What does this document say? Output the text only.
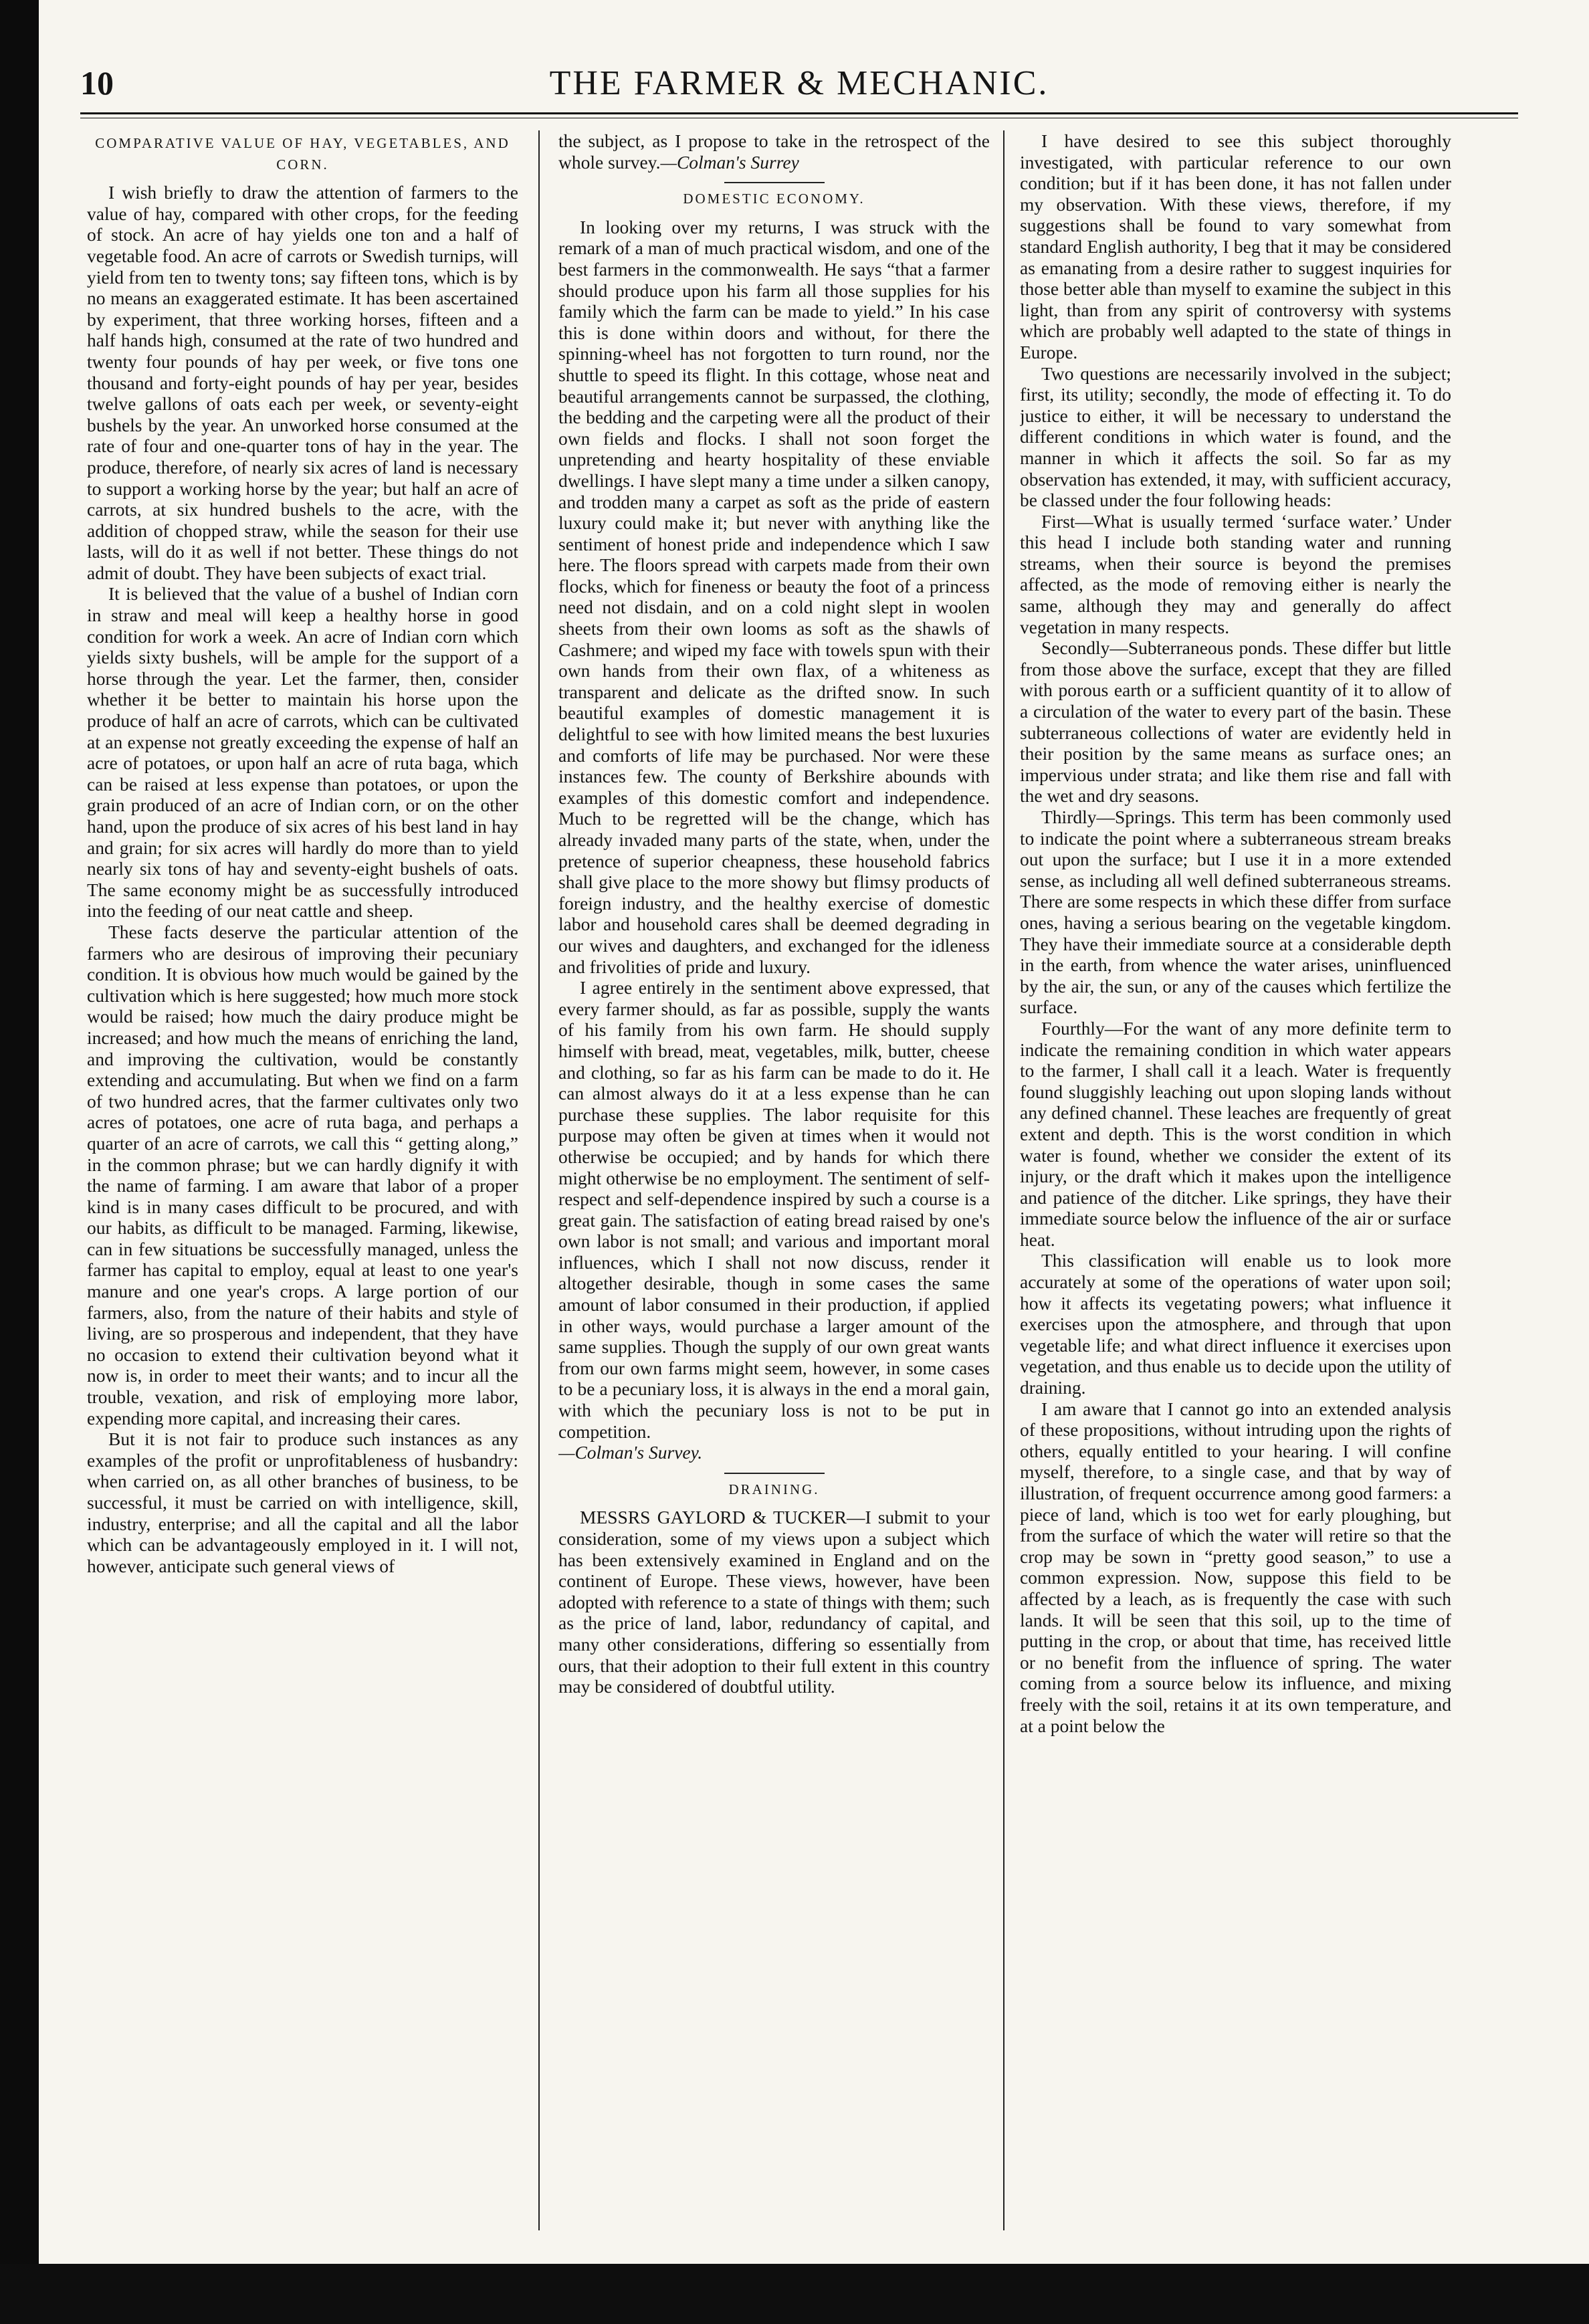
10	THE FARMER & MECHANIC.
COMPARATIVE VALUE OF HAY, VEGETABLES, AND CORN.

I wish briefly to draw the attention of farmers to the value of hay, compared with other crops, for the feeding of stock. An acre of hay yields one ton and a half of vegetable food. An acre of carrots or Swedish turnips, will yield from ten to twenty tons; say fifteen tons, which is by no means an exaggerated estimate. It has been ascertained by experiment, that three working horses, fifteen and a half hands high, consumed at the rate of two hundred and twenty four pounds of hay per week, or five tons one thousand and forty-eight pounds of hay per year, besides twelve gallons of oats each per week, or seventy-eight bushels by the year. An unworked horse consumed at the rate of four and one-quarter tons of hay in the year. The produce, therefore, of nearly six acres of land is necessary to support a working horse by the year; but half an acre of carrots, at six hundred bushels to the acre, with the addition of chopped straw, while the season for their use lasts, will do it as well if not better. These things do not admit of doubt. They have been subjects of exact trial.

It is believed that the value of a bushel of Indian corn in straw and meal will keep a healthy horse in good condition for work a week. An acre of Indian corn which yields sixty bushels, will be ample for the support of a horse through the year. Let the farmer, then, consider whether it be better to maintain his horse upon the produce of half an acre of carrots, which can be cultivated at an expense not greatly exceeding the expense of half an acre of potatoes, or upon half an acre of ruta baga, which can be raised at less expense than potatoes, or upon the grain produced of an acre of Indian corn, or on the other hand, upon the produce of six acres of his best land in hay and grain; for six acres will hardly do more than to yield nearly six tons of hay and seventy-eight bushels of oats. The same economy might be as successfully introduced into the feeding of our neat cattle and sheep.

These facts deserve the particular attention of the farmers who are desirous of improving their pecuniary condition. It is obvious how much would be gained by the cultivation which is here suggested; how much more stock would be raised; how much the dairy produce might be increased; and how much the means of enriching the land, and improving the cultivation, would be constantly extending and accumulating. But when we find on a farm of two hundred acres, that the farmer cultivates only two acres of potatoes, one acre of ruta baga, and perhaps a quarter of an acre of carrots, we call this “ getting along,” in the common phrase; but we can hardly dignify it with the name of farming. I am aware that labor of a proper kind is in many cases difficult to be procured, and with our habits, as difficult to be managed. Farming, likewise, can in few situations be successfully managed, unless the farmer has capital to employ, equal at least to one year's manure and one year's crops. A large portion of our farmers, also, from the nature of their habits and style of living, are so prosperous and independent, that they have no occasion to extend their cultivation beyond what it now is, in order to meet their wants; and to incur all the trouble, vexation, and risk of employing more labor, expending more capital, and increasing their cares.

But it is not fair to produce such instances as any examples of the profit or unprofitableness of husbandry: when carried on, as all other branches of business, to be successful, it must be carried on with intelligence, skill, industry, enterprise; and all the capital and all the labor which can be advantageously employed in it. I will not, however, anticipate such general views of

the subject, as I propose to take in the retrospect of the whole survey.—Colman's Surrey

DOMESTIC ECONOMY.

In looking over my returns, I was struck with the remark of a man of much practical wisdom, and one of the best farmers in the commonwealth. He says “that a farmer should produce upon his farm all those supplies for his family which the farm can be made to yield.” In his case this is done within doors and without, for there the spinning-wheel has not forgotten to turn round, nor the shuttle to speed its flight. In this cottage, whose neat and beautiful arrangements cannot be surpassed, the clothing, the bedding and the carpeting were all the product of their own fields and flocks. I shall not soon forget the unpretending and hearty hospitality of these enviable dwellings. I have slept many a time under a silken canopy, and trodden many a carpet as soft as the pride of eastern luxury could make it; but never with anything like the sentiment of honest pride and independence which I saw here. The floors spread with carpets made from their own flocks, which for fineness or beauty the foot of a princess need not disdain, and on a cold night slept in woolen sheets from their own looms as soft as the shawls of Cashmere; and wiped my face with towels spun with their own hands from their own flax, of a whiteness as transparent and delicate as the drifted snow. In such beautiful examples of domestic management it is delightful to see with how limited means the best luxuries and comforts of life may be purchased. Nor were these instances few. The county of Berkshire abounds with examples of this domestic comfort and independence. Much to be regretted will be the change, which has already invaded many parts of the state, when, under the pretence of superior cheapness, these household fabrics shall give place to the more showy but flimsy products of foreign industry, and the healthy exercise of domestic labor and household cares shall be deemed degrading in our wives and daughters, and exchanged for the idleness and frivolities of pride and luxury.

I agree entirely in the sentiment above expressed, that every farmer should, as far as possible, supply the wants of his family from his own farm. He should supply himself with bread, meat, vegetables, milk, butter, cheese and clothing, so far as his farm can be made to do it. He can almost always do it at a less expense than he can purchase these supplies. The labor requisite for this purpose may often be given at times when it would not otherwise be occupied; and by hands for which there might otherwise be no employment. The sentiment of self-respect and self-dependence inspired by such a course is a great gain. The satisfaction of eating bread raised by one's own labor is not small; and various and important moral influences, which I shall not now discuss, render it altogether desirable, though in some cases the same amount of labor consumed in their production, if applied in other ways, would purchase a larger amount of the same supplies. Though the supply of our own great wants from our own farms might seem, however, in some cases to be a pecuniary loss, it is always in the end a moral gain, with which the pecuniary loss is not to be put in competition.

—Colman's Survey.

DRAINING.

MESSRS GAYLORD & TUCKER—I submit to your consideration, some of my views upon a subject which has been extensively examined in England and on the continent of Europe. These views, however, have been adopted with reference to a state of things with them; such as the price of land, labor, redundancy of capital, and many other considerations, differing so essentially from ours, that their adoption to their full extent in this country may be considered of doubtful utility.

I have desired to see this subject thoroughly investigated, with particular reference to our own condition; but if it has been done, it has not fallen under my observation. With these views, therefore, if my suggestions shall be found to vary somewhat from standard English authority, I beg that it may be considered as emanating from a desire rather to suggest inquiries for those better able than myself to examine the subject in this light, than from any spirit of controversy with systems which are probably well adapted to the state of things in Europe.

Two questions are necessarily involved in the subject; first, its utility; secondly, the mode of effecting it. To do justice to either, it will be necessary to understand the different conditions in which water is found, and the manner in which it affects the soil. So far as my observation has extended, it may, with sufficient accuracy, be classed under the four following heads:

First—What is usually termed ‘surface water.’ Under this head I include both standing water and running streams, when their source is beyond the premises affected, as the mode of removing either is nearly the same, although they may and generally do affect vegetation in many respects.

Secondly—Subterraneous ponds. These differ but little from those above the surface, except that they are filled with porous earth or a sufficient quantity of it to allow of a circulation of the water to every part of the basin. These subterraneous collections of water are evidently held in their position by the same means as surface ones; an impervious under strata; and like them rise and fall with the wet and dry seasons.

Thirdly—Springs. This term has been commonly used to indicate the point where a subterraneous stream breaks out upon the surface; but I use it in a more extended sense, as including all well defined subterraneous streams. There are some respects in which these differ from surface ones, having a serious bearing on the vegetable kingdom. They have their immediate source at a considerable depth in the earth, from whence the water arises, uninfluenced by the air, the sun, or any of the causes which fertilize the surface.

Fourthly—For the want of any more definite term to indicate the remaining condition in which water appears to the farmer, I shall call it a leach. Water is frequently found sluggishly leaching out upon sloping lands without any defined channel. These leaches are frequently of great extent and depth. This is the worst condition in which water is found, whether we consider the extent of its injury, or the draft which it makes upon the intelligence and patience of the ditcher. Like springs, they have their immediate source below the influence of the air or surface heat.

This classification will enable us to look more accurately at some of the operations of water upon soil; how it affects its vegetating powers; what influence it exercises upon the atmosphere, and through that upon vegetable life; and what direct influence it exercises upon vegetation, and thus enable us to decide upon the utility of draining.

I am aware that I cannot go into an extended analysis of these propositions, without intruding upon the rights of others, equally entitled to your hearing. I will confine myself, therefore, to a single case, and that by way of illustration, of frequent occurrence among good farmers: a piece of land, which is too wet for early ploughing, but from the surface of which the water will retire so that the crop may be sown in “pretty good season,” to use a common expression. Now, suppose this field to be affected by a leach, as is frequently the case with such lands. It will be seen that this soil, up to the time of putting in the crop, or about that time, has received little or no benefit from the influence of spring. The water coming from a source below its influence, and mixing freely with the soil, retains it at its own temperature, and at a point below the
